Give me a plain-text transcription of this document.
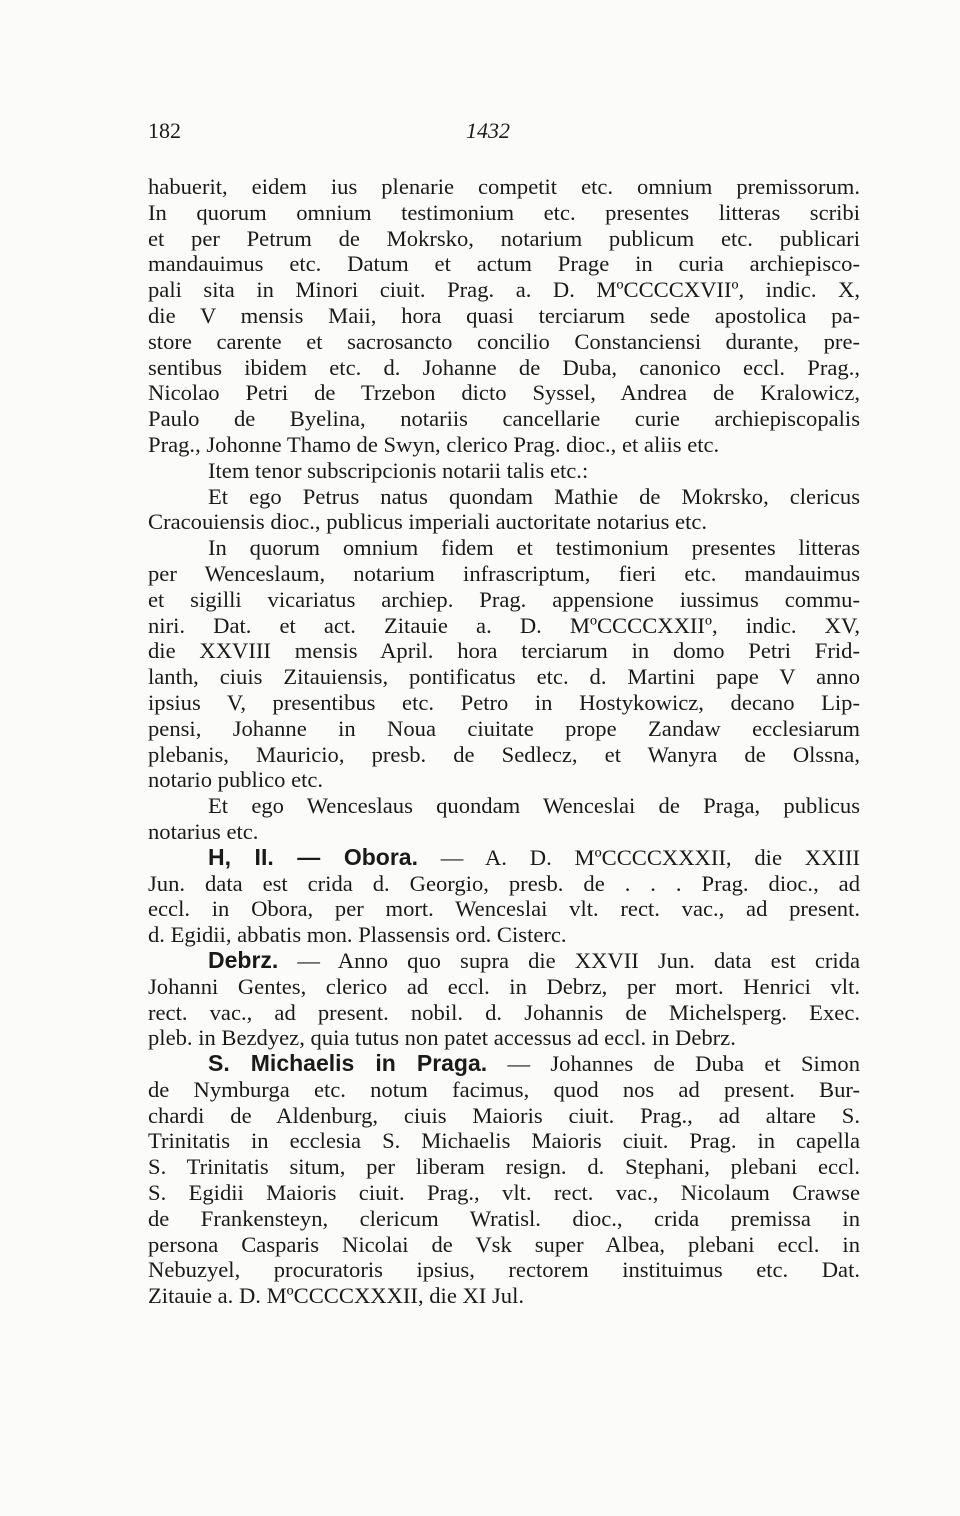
182	1432
habuerit, eidem ius plenarie competit etc. omnium premissorum.
In quorum omnium testimonium etc. presentes litteras scribi
et per Petrum de Mokrsko, notarium publicum etc. publicari
mandauimus etc. Datum et actum Prage in curia archiepisco-
pali sita in Minori ciuit. Prag. a. D. MºCCCCXVIIº, indic. X,
die V mensis Maii, hora quasi terciarum sede apostolica pa-
store carente et sacrosancto concilio Constanciensi durante, pre-
sentibus ibidem etc. d. Johanne de Duba, canonico eccl. Prag.,
Nicolao Petri de Trzebon dicto Syssel, Andrea de Kralowicz,
Paulo de Byelina, notariis cancellarie curie archiepiscopalis
Prag., Johonne Thamo de Swyn, clerico Prag. dioc., et aliis etc.
Item tenor subscripcionis notarii talis etc.:
Et ego Petrus natus quondam Mathie de Mokrsko, clericus
Cracouiensis dioc., publicus imperiali auctoritate notarius etc.
In quorum omnium fidem et testimonium presentes litteras
per Wenceslaum, notarium infrascriptum, fieri etc. mandauimus
et sigilli vicariatus archiep. Prag. appensione iussimus commu-
niri. Dat. et act. Zitauie a. D. MºCCCCXXIIº, indic. XV,
die XXVIII mensis April. hora terciarum in domo Petri Frid-
lanth, ciuis Zitauiensis, pontificatus etc. d. Martini pape V anno
ipsius V, presentibus etc. Petro in Hostykowicz, decano Lip-
pensi, Johanne in Noua ciuitate prope Zandaw ecclesiarum
plebanis, Mauricio, presb. de Sedlecz, et Wanyra de Olssna,
notario publico etc.
Et ego Wenceslaus quondam Wenceslai de Praga, publicus
notarius etc.
H, II. — Obora. — A. D. MºCCCCXXXII, die XXIII
Jun. data est crida d. Georgio, presb. de . . . Prag. dioc., ad
eccl. in Obora, per mort. Wenceslai vlt. rect. vac., ad present.
d. Egidii, abbatis mon. Plassensis ord. Cisterc.
Debrz. — Anno quo supra die XXVII Jun. data est crida
Johanni Gentes, clerico ad eccl. in Debrz, per mort. Henrici vlt.
rect. vac., ad present. nobil. d. Johannis de Michelsperg. Exec.
pleb. in Bezdyez, quia tutus non patet accessus ad eccl. in Debrz.
S. Michaelis in Praga. — Johannes de Duba et Simon
de Nymburga etc. notum facimus, quod nos ad present. Bur-
chardi de Aldenburg, ciuis Maioris ciuit. Prag., ad altare S.
Trinitatis in ecclesia S. Michaelis Maioris ciuit. Prag. in capella
S. Trinitatis situm, per liberam resign. d. Stephani, plebani eccl.
S. Egidii Maioris ciuit. Prag., vlt. rect. vac., Nicolaum Crawse
de Frankensteyn, clericum Wratisl. dioc., crida premissa in
persona Casparis Nicolai de Vsk super Albea, plebani eccl. in
Nebuzyel, procuratoris ipsius, rectorem instituimus etc. Dat.
Zitauie a. D. MºCCCCXXXII, die XI Jul.
